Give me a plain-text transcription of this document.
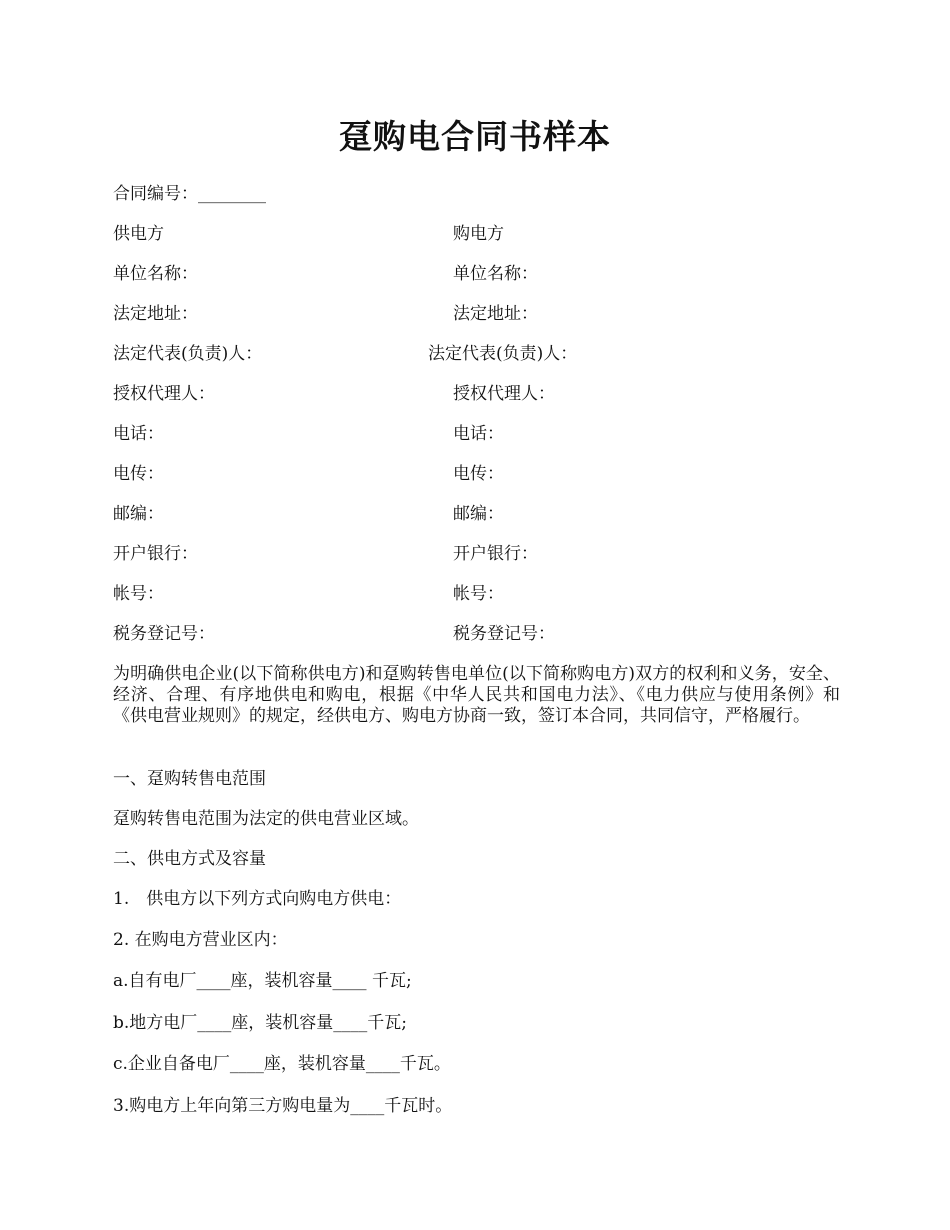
趸购电合同书样本
合同编号：________
供电方	购电方
单位名称：	单位名称：
法定地址：	法定地址：
法定代表(负责)人：	法定代表(负责)人：
授权代理人：	授权代理人：
电话：	电话：
电传：	电传：
邮编：	邮编：
开户银行：	开户银行：
帐号：	帐号：
税务登记号：	税务登记号：
为明确供电企业(以下简称供电方)和趸购转售电单位(以下简称购电方)双方的权利和义务，安全、经济、合理、有序地供电和购电，根据《中华人民共和国电力法》、《电力供应与使用条例》和《供电营业规则》的规定，经供电方、购电方协商一致，签订本合同，共同信守，严格履行。
一、趸购转售电范围
趸购转售电范围为法定的供电营业区域。
二、供电方式及容量
1.　供电方以下列方式向购电方供电：
2. 在购电方营业区内：
a.自有电厂____座，装机容量____ 千瓦;
b.地方电厂____座，装机容量____千瓦;
c.企业自备电厂____座，装机容量____千瓦。
3.购电方上年向第三方购电量为____千瓦时。
